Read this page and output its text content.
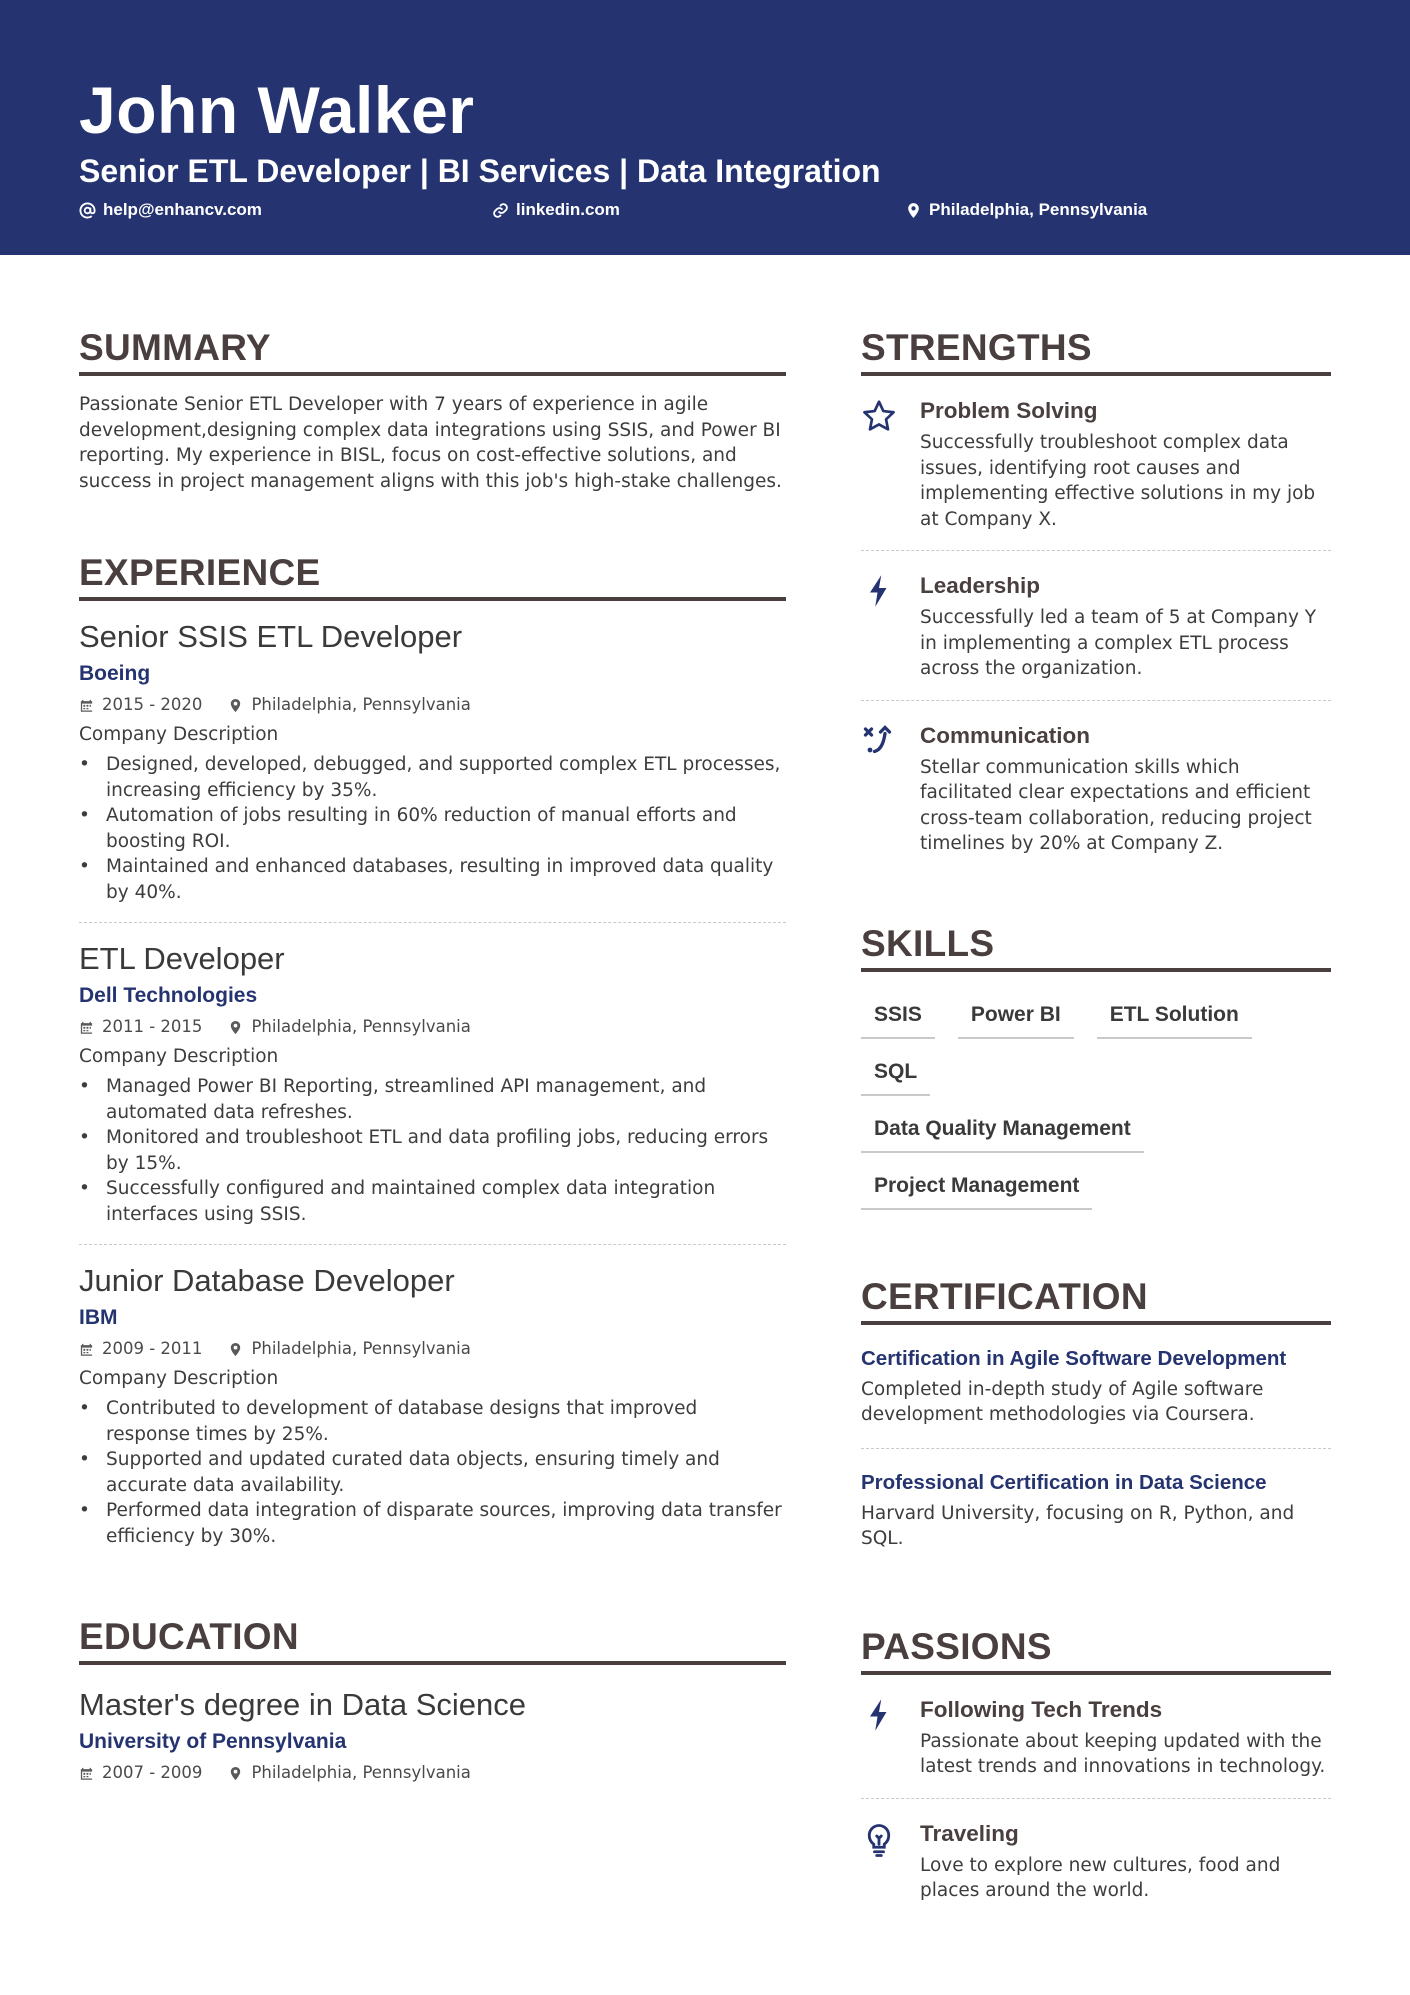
John Walker
Senior ETL Developer | BI Services | Data Integration
help@enhancv.com	linkedin.com	Philadelphia, Pennsylvania
SUMMARY
Passionate Senior ETL Developer with 7 years of experience in agile development,designing complex data integrations using SSIS, and Power BI reporting. My experience in BISL, focus on cost-effective solutions, and success in project management aligns with this job's high-stake challenges.
EXPERIENCE
Senior SSIS ETL Developer
Boeing
2015 - 2020	Philadelphia, Pennsylvania
Company Description
• Designed, developed, debugged, and supported complex ETL processes, increasing efficiency by 35%.
• Automation of jobs resulting in 60% reduction of manual efforts and boosting ROI.
• Maintained and enhanced databases, resulting in improved data quality by 40%.
ETL Developer
Dell Technologies
2011 - 2015	Philadelphia, Pennsylvania
Company Description
• Managed Power BI Reporting, streamlined API management, and automated data refreshes.
• Monitored and troubleshoot ETL and data profiling jobs, reducing errors by 15%.
• Successfully configured and maintained complex data integration interfaces using SSIS.
Junior Database Developer
IBM
2009 - 2011	Philadelphia, Pennsylvania
Company Description
• Contributed to development of database designs that improved response times by 25%.
• Supported and updated curated data objects, ensuring timely and accurate data availability.
• Performed data integration of disparate sources, improving data transfer efficiency by 30%.
EDUCATION
Master's degree in Data Science
University of Pennsylvania
2007 - 2009	Philadelphia, Pennsylvania
STRENGTHS
Problem Solving
Successfully troubleshoot complex data issues, identifying root causes and implementing effective solutions in my job at Company X.
Leadership
Successfully led a team of 5 at Company Y in implementing a complex ETL process across the organization.
Communication
Stellar communication skills which facilitated clear expectations and efficient cross-team collaboration, reducing project timelines by 20% at Company Z.
SKILLS
SSIS	Power BI	ETL Solution
SQL
Data Quality Management
Project Management
CERTIFICATION
Certification in Agile Software Development
Completed in-depth study of Agile software development methodologies via Coursera.
Professional Certification in Data Science
Harvard University, focusing on R, Python, and SQL.
PASSIONS
Following Tech Trends
Passionate about keeping updated with the latest trends and innovations in technology.
Traveling
Love to explore new cultures, food and places around the world.
